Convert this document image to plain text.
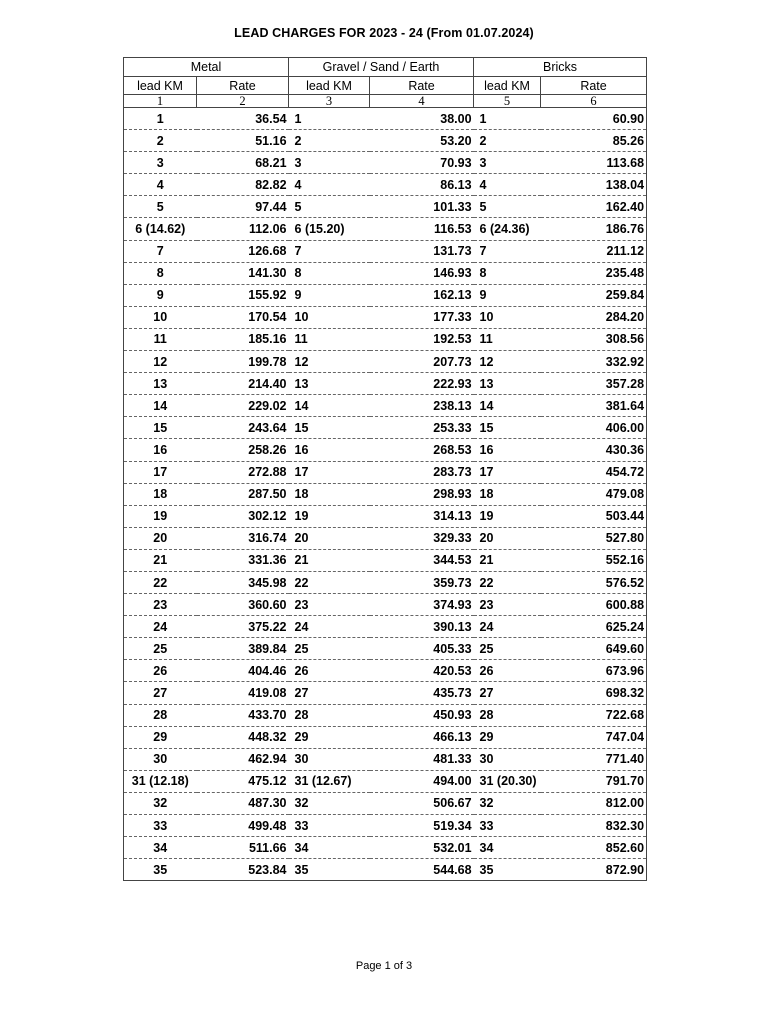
LEAD CHARGES FOR 2023 - 24 (From 01.07.2024)
Metal		Gravel / Sand / Earth		Bricks	
lead KM	Rate	lead KM	Rate	lead KM	Rate
1	2	3	4	5	6
1	36.54	1	38.00	1	60.90
2	51.16	2	53.20	2	85.26
3	68.21	3	70.93	3	113.68
4	82.82	4	86.13	4	138.04
5	97.44	5	101.33	5	162.40
6 (14.62)	112.06	6 (15.20)	116.53	6 (24.36)	186.76
7	126.68	7	131.73	7	211.12
8	141.30	8	146.93	8	235.48
9	155.92	9	162.13	9	259.84
10	170.54	10	177.33	10	284.20
11	185.16	11	192.53	11	308.56
12	199.78	12	207.73	12	332.92
13	214.40	13	222.93	13	357.28
14	229.02	14	238.13	14	381.64
15	243.64	15	253.33	15	406.00
16	258.26	16	268.53	16	430.36
17	272.88	17	283.73	17	454.72
18	287.50	18	298.93	18	479.08
19	302.12	19	314.13	19	503.44
20	316.74	20	329.33	20	527.80
21	331.36	21	344.53	21	552.16
22	345.98	22	359.73	22	576.52
23	360.60	23	374.93	23	600.88
24	375.22	24	390.13	24	625.24
25	389.84	25	405.33	25	649.60
26	404.46	26	420.53	26	673.96
27	419.08	27	435.73	27	698.32
28	433.70	28	450.93	28	722.68
29	448.32	29	466.13	29	747.04
30	462.94	30	481.33	30	771.40
31 (12.18)	475.12	31 (12.67)	494.00	31 (20.30)	791.70
32	487.30	32	506.67	32	812.00
33	499.48	33	519.34	33	832.30
34	511.66	34	532.01	34	852.60
35	523.84	35	544.68	35	872.90
Page 1 of 3
